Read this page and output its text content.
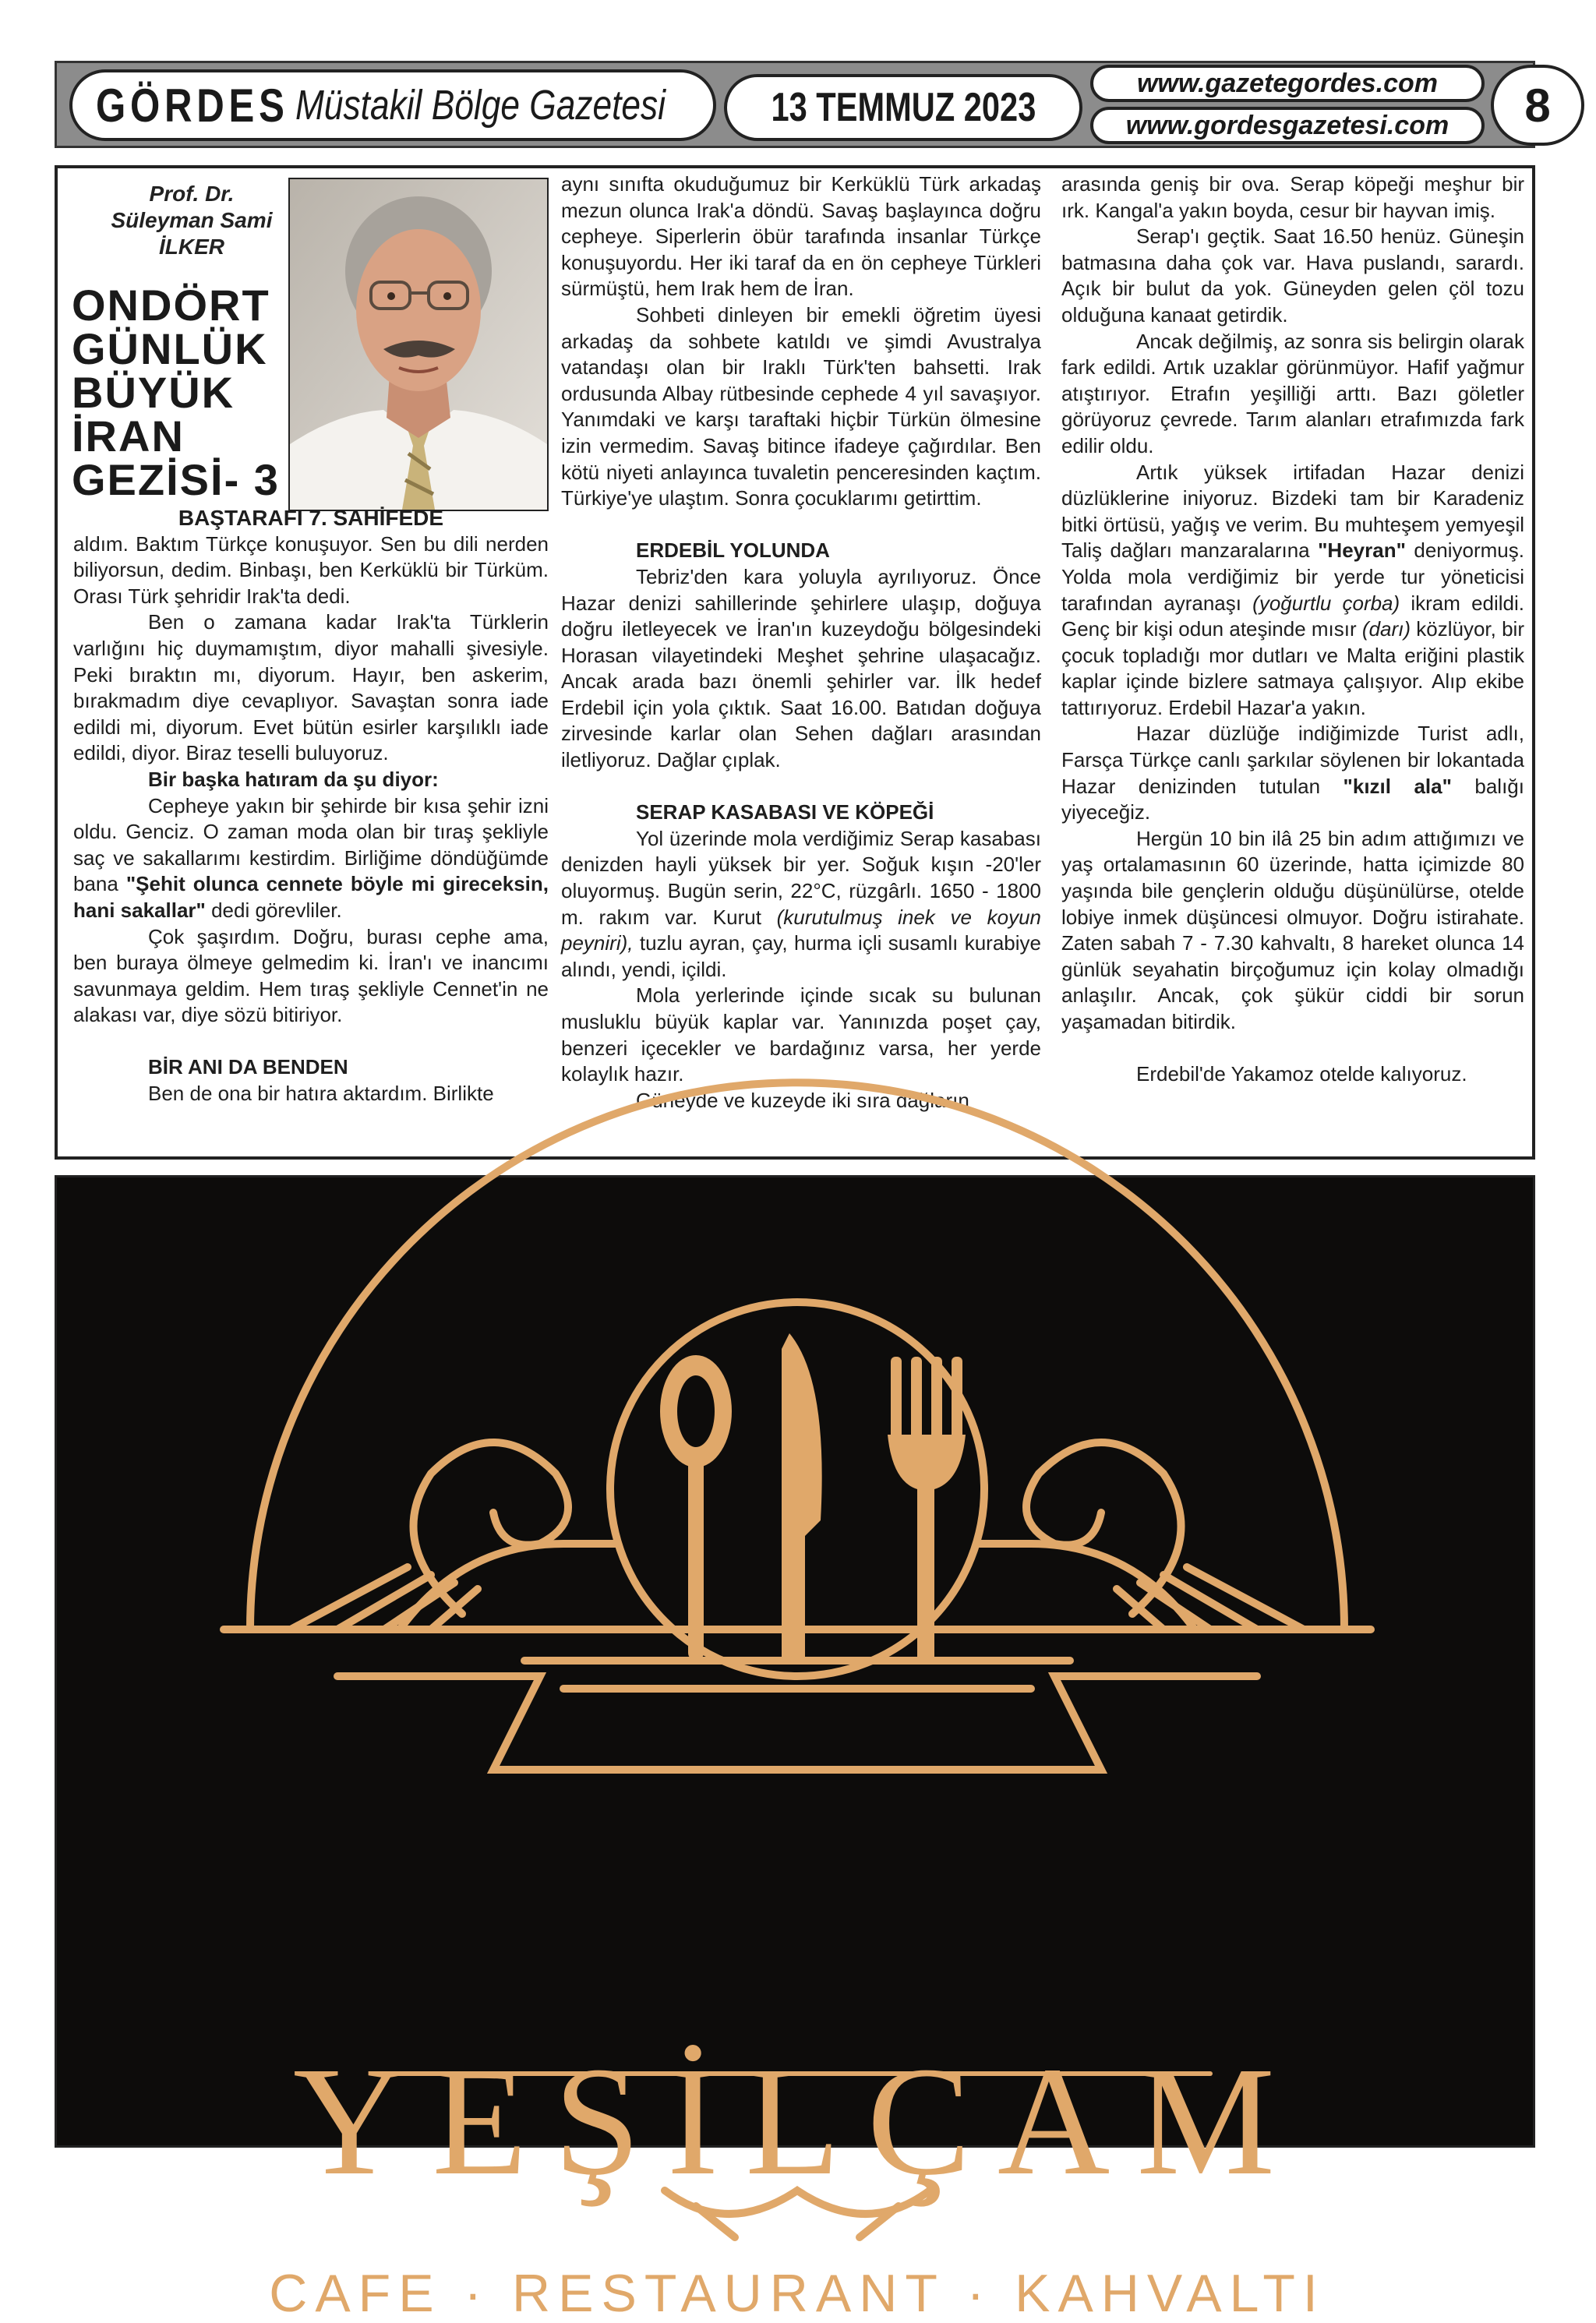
GÖRDES Müstakil Bölge Gazetesi	13 TEMMUZ 2023
www.gazetegordes.com
www.gordesgazetesi.com 8
Prof. Dr.
Süleyman Sami
İLKER
ONDÖRT
GÜNLÜK
BÜYÜK
İRAN
GEZİSİ- 3

BAŞTARAFI 7. SAHİFEDE

aldım. Baktım Türkçe konuşuyor. Sen bu dili nerden biliyorsun, dedim. Binbaşı, ben Kerküklü bir Türküm. Orası Türk şehridir Irak'ta dedi.

Ben o zamana kadar Irak'ta Türklerin varlığını hiç duymamıştım, diyor mahalli şivesiyle. Peki bıraktın mı, diyorum. Hayır, ben askerim, bırakmadım diye cevaplıyor. Savaştan sonra iade edildi mi, diyorum. Evet bütün esirler karşılıklı iade edildi, diyor. Biraz teselli buluyoruz.

Bir başka hatıram da şu diyor:

Cepheye yakın bir şehirde bir kısa şehir izni oldu. Genciz. O zaman moda olan bir tıraş şekliyle saç ve sakallarımı kestirdim. Birliğime döndüğümde bana "Şehit olunca cennete böyle mi gireceksin, hani sakallar" dedi görevliler.

Çok şaşırdım. Doğru, burası cephe ama, ben buraya ölmeye gelmedim ki. İran'ı ve inancımı savunmaya geldim. Hem tıraş şekliyle Cennet'in ne alakası var, diye sözü bitiriyor.

BİR ANI DA BENDEN

Ben de ona bir hatıra aktardım. Birlikte

aynı sınıfta okuduğumuz bir Kerküklü Türk arkadaş mezun olunca Irak'a döndü. Savaş başlayınca doğru cepheye. Siperlerin öbür tarafında insanlar Türkçe konuşuyordu. Her iki taraf da en ön cepheye Türkleri sürmüştü, hem Irak hem de İran.

Sohbeti dinleyen bir emekli öğretim üyesi arkadaş da sohbete katıldı ve şimdi Avustralya vatandaşı olan bir Iraklı Türk'ten bahsetti. Irak ordusunda Albay rütbesinde cephede 4 yıl savaşıyor. Yanımdaki ve karşı taraftaki hiçbir Türkün ölmesine izin vermedim. Savaş bitince ifadeye çağırdılar. Ben kötü niyeti anlayınca tuvaletin penceresinden kaçtım. Türkiye'ye ulaştım. Sonra çocuklarımı getirttim.

ERDEBİL YOLUNDA

Tebriz'den kara yoluyla ayrılıyoruz. Önce Hazar denizi sahillerinde şehirlere ulaşıp, doğuya doğru iletleyecek ve İran'ın kuzeydoğu bölgesindeki Horasan vilayetindeki Meşhet şehrine ulaşacağız. Ancak arada bazı önemli şehirler var. İlk hedef Erdebil için yola çıktık. Saat 16.00. Batıdan doğuya zirvesinde karlar olan Sehen dağları arasından iletliyoruz. Dağlar çıplak.

SERAP KASABASI VE KÖPEĞİ

Yol üzerinde mola verdiğimiz Serap kasabası denizden hayli yüksek bir yer. Soğuk kışın -20'ler oluyormuş. Bugün serin, 22°C, rüzgârlı. 1650 - 1800 m. rakım var. Kurut (kurutulmuş inek ve koyun peyniri), tuzlu ayran, çay, hurma içli susamlı kurabiye alındı, yendi, içildi.

Mola yerlerinde içinde sıcak su bulunan musluklu büyük kaplar var. Yanınızda poşet çay, benzeri içecekler ve bardağınız varsa, her yerde kolaylık hazır.

Güneyde ve kuzeyde iki sıra dağların

arasında geniş bir ova. Serap köpeği meşhur bir ırk. Kangal'a yakın boyda, cesur bir hayvan imiş.

Serap'ı geçtik. Saat 16.50 henüz. Güneşin batmasına daha çok var. Hava puslandı, sarardı. Açık bir bulut da yok. Güneyden gelen çöl tozu olduğuna kanaat getirdik.

Ancak değilmiş, az sonra sis belirgin olarak fark edildi. Artık uzaklar görünmüyor. Hafif yağmur atıştırıyor. Etrafın yeşilliği arttı. Bazı göletler görüyoruz çevrede. Tarım alanları etrafımızda fark edilir oldu.

Artık yüksek irtifadan Hazar denizi düzlüklerine iniyoruz. Bizdeki tam bir Karadeniz bitki örtüsü, yağış ve verim. Bu muhteşem yemyeşil Taliş dağları manzaralarına "Heyran" deniyormuş. Yolda mola verdiğimiz bir yerde tur yöneticisi tarafından ayranaşı (yoğurtlu çorba) ikram edildi. Genç bir kişi odun ateşinde mısır (darı) közlüyor, bir çocuk topladığı mor dutları ve Malta eriğini plastik kaplar içinde bizlere satmaya çalışıyor. Alıp ekibe tattırıyoruz. Erdebil Hazar'a yakın.

Hazar düzlüğe indiğimizde Turist adlı, Farsça Türkçe canlı şarkılar söylenen bir lokantada Hazar denizinden tutulan "kızıl ala" balığı yiyeceğiz.

Hergün 10 bin ilâ 25 bin adım attığımızı ve yaş ortalamasının 60 üzerinde, hatta içimizde 80 yaşında bile gençlerin olduğu düşünülürse, otelde lobiye inmek düşüncesi olmuyor. Doğru istirahate. Zaten sabah 7 - 7.30 kahvaltı, 8 hareket olunca 14 günlük seyahatin birçoğumuz için kolay olmadığı anlaşılır. Ancak, çok şükür ciddi bir sorun yaşamadan bitirdik.

Erdebil'de Yakamoz otelde kalıyoruz.

YEŞİLÇAM
CAFE · RESTAURANT · KAHVALTI
